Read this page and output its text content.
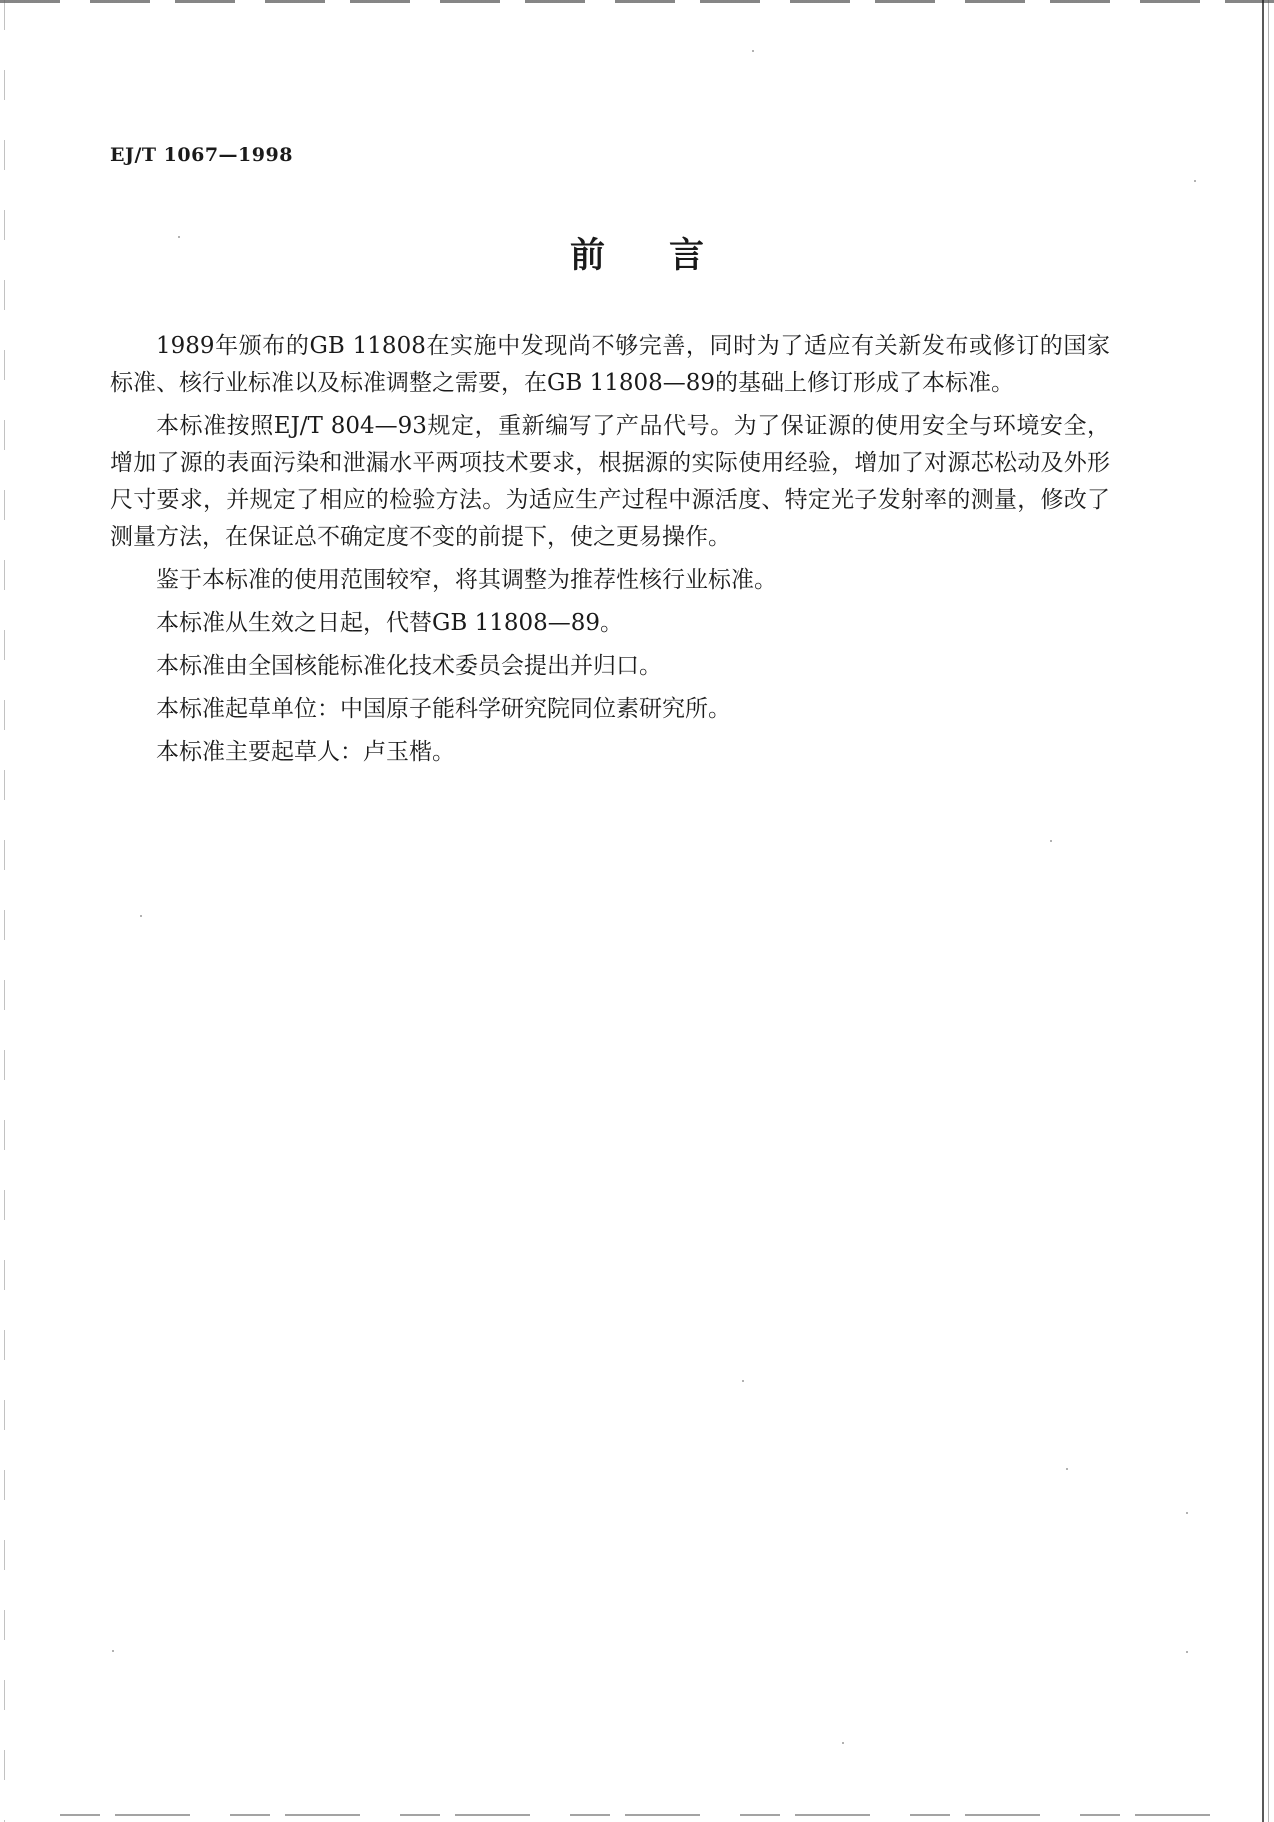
EJ/T 1067—1998
前言

1989年颁布的GB 11808在实施中发现尚不够完善，同时为了适应有关新发布或修订的国家标准、核行业标准以及标准调整之需要，在GB 11808—89的基础上修订形成了本标准。

本标准按照EJ/T 804—93规定，重新编写了产品代号。为了保证源的使用安全与环境安全，增加了源的表面污染和泄漏水平两项技术要求，根据源的实际使用经验，增加了对源芯松动及外形尺寸要求，并规定了相应的检验方法。为适应生产过程中源活度、特定光子发射率的测量，修改了测量方法，在保证总不确定度不变的前提下，使之更易操作。

鉴于本标准的使用范围较窄，将其调整为推荐性核行业标准。

本标准从生效之日起，代替GB 11808—89。

本标准由全国核能标准化技术委员会提出并归口。

本标准起草单位：中国原子能科学研究院同位素研究所。

本标准主要起草人：卢玉楷。
